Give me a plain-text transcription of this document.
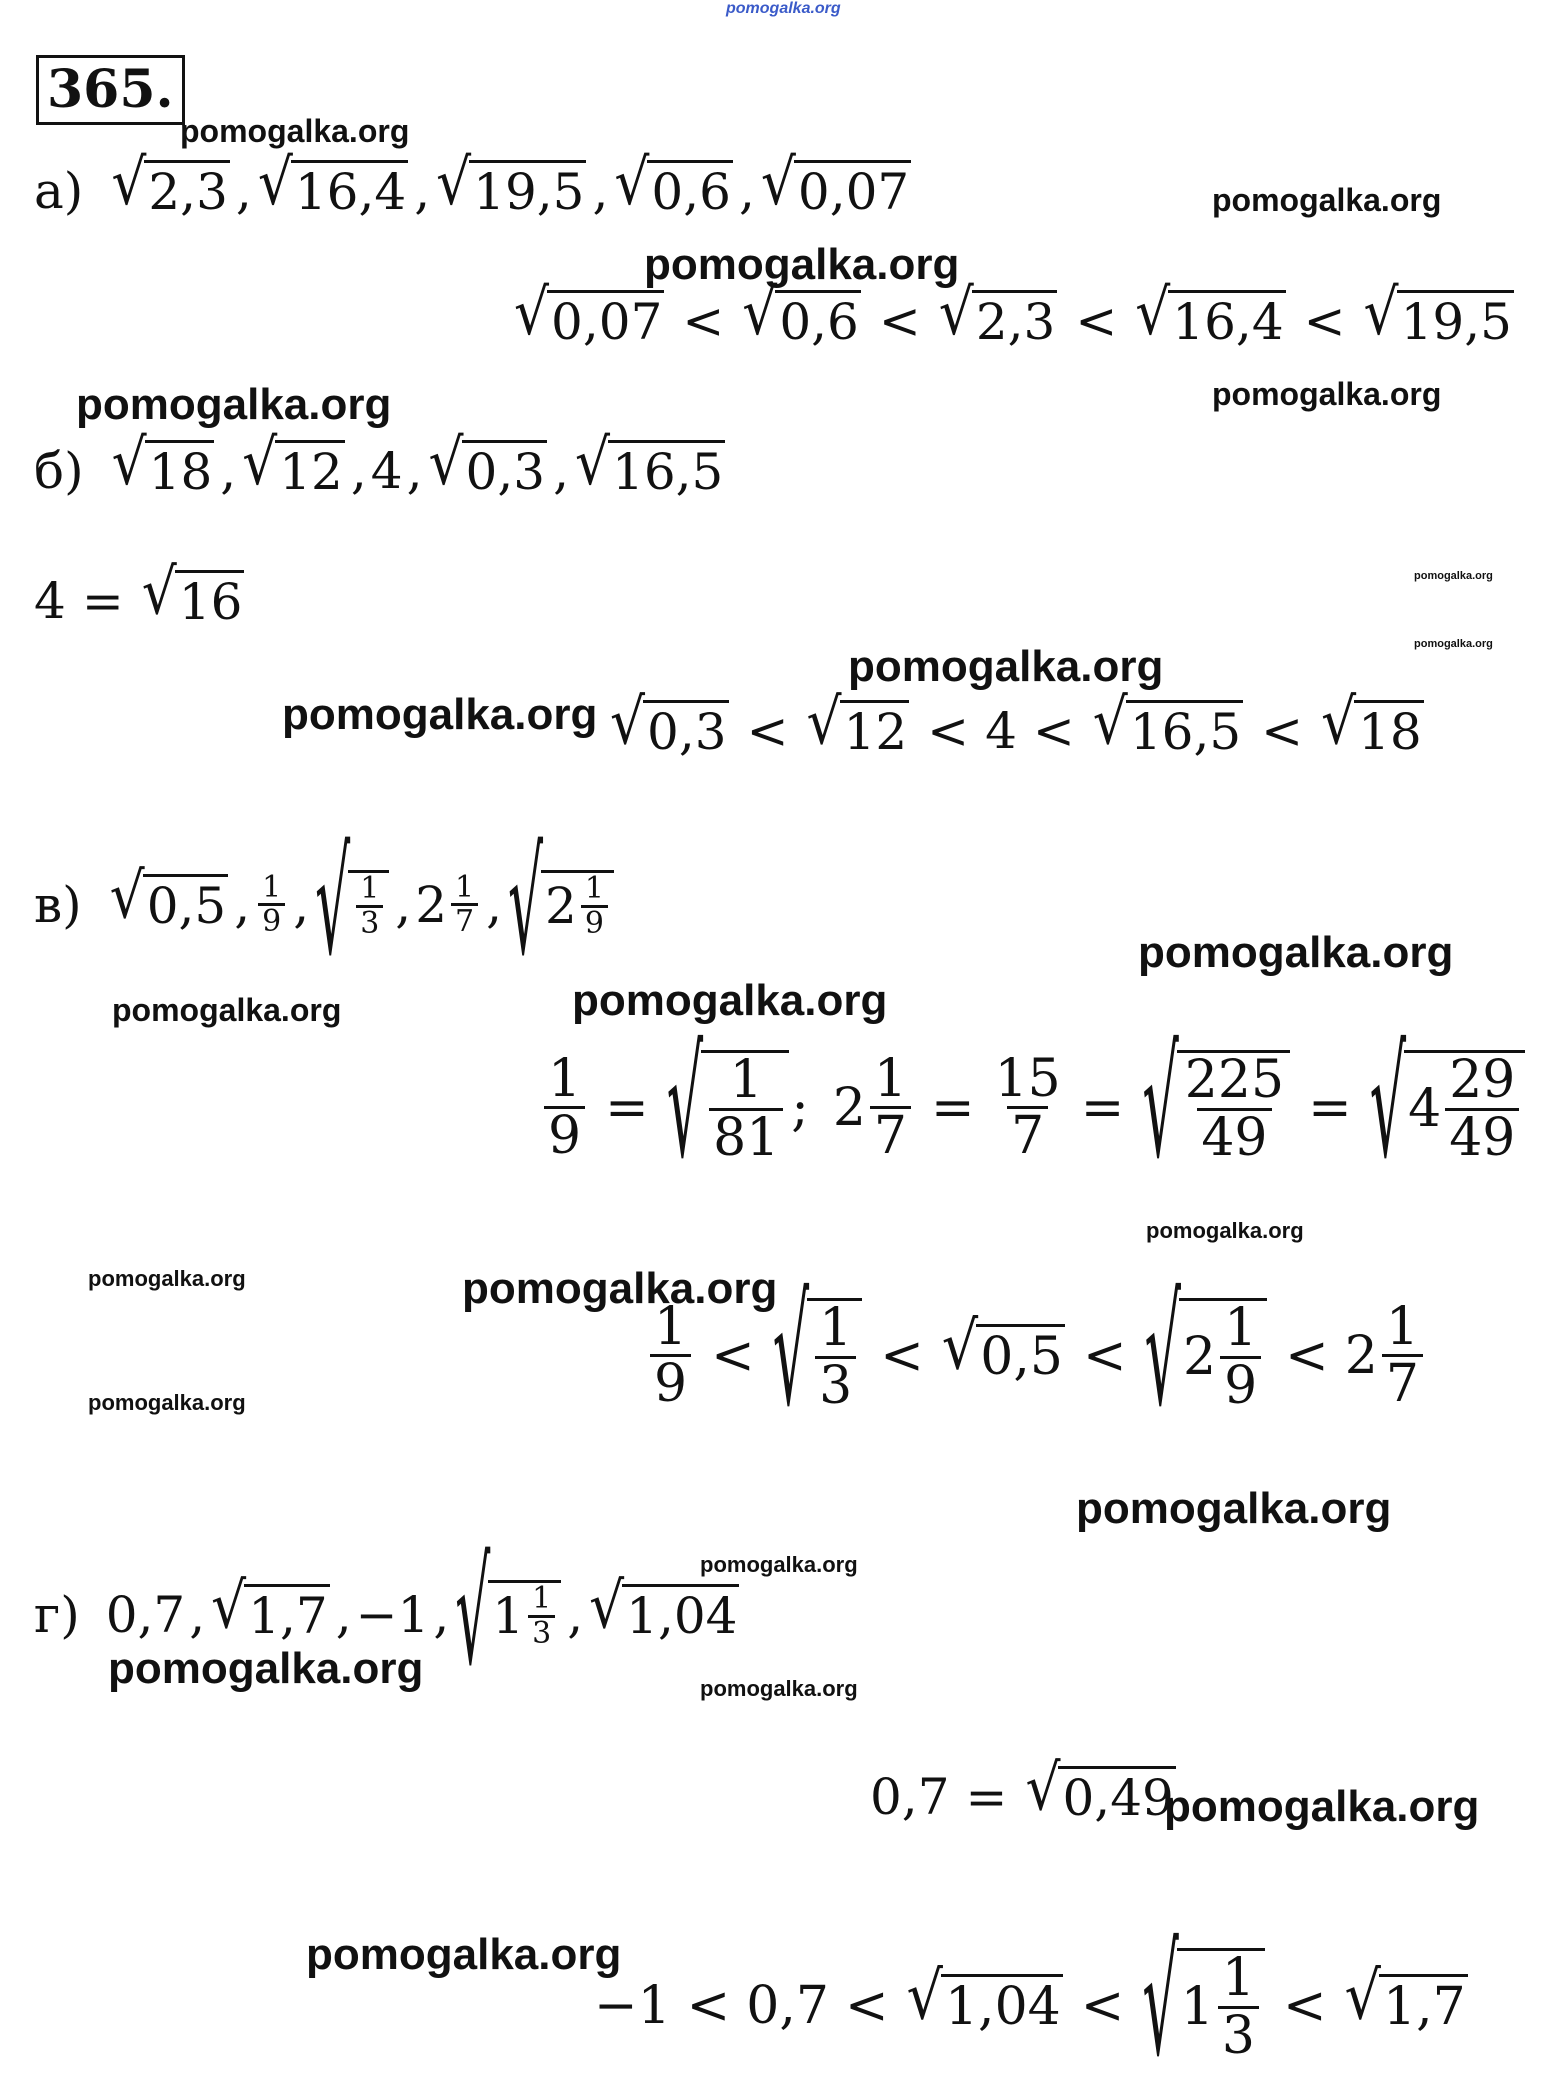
pomogalka.org
pomogalka.org
pomogalka.org
pomogalka.org
pomogalka.org	pomogalka.org
pomogalka.org
pomogalka.org
pomogalka.org
pomogalka.org
pomogalka.org
pomogalka.org	pomogalka.org
pomogalka.org
pomogalka.org	pomogalka.org
pomogalka.org
pomogalka.org
pomogalka.org
pomogalka.org	pomogalka.org
pomogalka.org
pomogalka.org
365.
а) √ 2,3 , √ 16,4 , √ 19,5 , √ 0,6 , √ 0,07
√ 0,07 < √ 0,6 < √ 2,3 < √ 16,4 < √ 19,5
б) √ 18 , √ 12 , 4 , √ 0,3 , √ 16,5
4 = √ 16
√ 0,3 < √ 12 < 4 < √ 16,5 < √ 18
в) √ 0,5 , $\frac{1}{9}$ , √ $\frac{1}{3}$ , $2 \frac{1}{7}$ , √ $2 \frac{1}{9}$
$\frac{1}{9}$ = √ $\frac{1}{81}$ ; $2 \frac{1}{7} = \frac{15}{7}$ = √ $\frac{225}{49}$ = √ $4 \frac{29}{49}$
$\frac{1}{9}$ < √ $\frac{1}{3}$ < √ 0,5 < √ $2 \frac{1}{9} < 2 \frac{1}{7}$
г) 0,7 , √ 1,7 , −1 , √ $1 \frac{1}{3}$ , √ 1,04
0,7 = √ 0,49
−1 < 0,7 < √ 1,04 < √ $1 \frac{1}{3}$ < √ 1,7
